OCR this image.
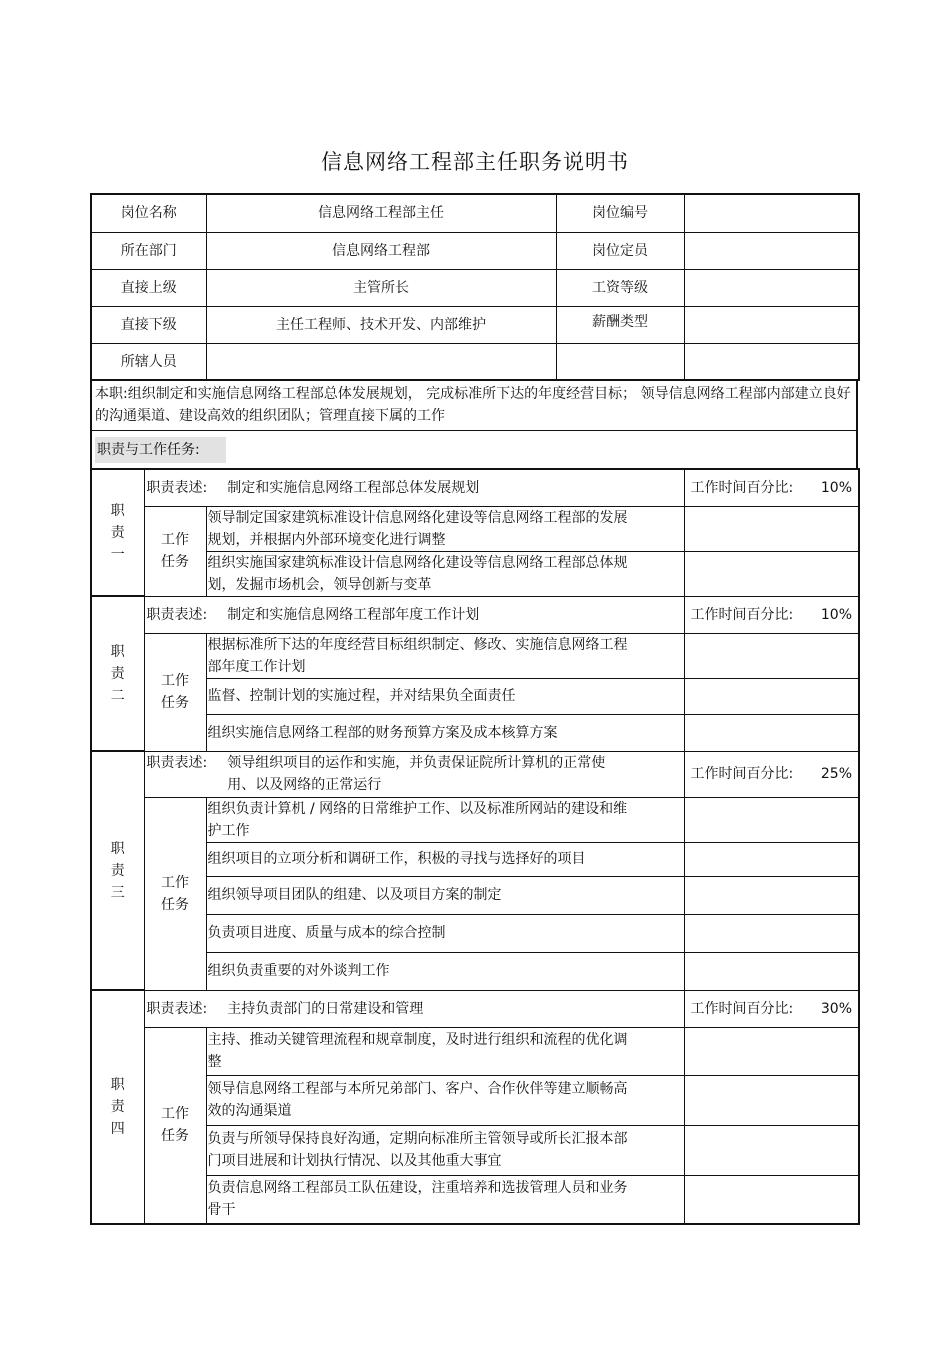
信息网络工程部主任职务说明书
岗位名称	信息网络工程部主任	岗位编号	
所在部门	信息网络工程部	岗位定员	
直接上级	主管所长	工资等级	
直接下级	主任工程师、技术开发、内部维护	薪酬类型	
所辖人员			
本职:组织制定和实施信息网络工程部总体发展规划， 完成标准所下达的年度经营目标； 领导信息网络工程部内部建立良好的沟通渠道、建设高效的组织团队；管理直接下属的工作
职责与工作任务:
职责一	职责表述: 制定和实施信息网络工程部总体发展规划		工作时间百分比: 10%

	工作任务	领导制定国家建筑标准设计信息网络化建设等信息网络工程部的发展规划，并根据内外部环境变化进行调整	

		组织实施国家建筑标准设计信息网络化建设等信息网络工程部总体规划，发掘市场机会，领导创新与变革	

职责二	职责表述: 制定和实施信息网络工程部年度工作计划		工作时间百分比: 10%

	工作任务	根据标准所下达的年度经营目标组织制定、修改、实施信息网络工程部年度工作计划	

		监督、控制计划的实施过程，并对结果负全面责任	

		组织实施信息网络工程部的财务预算方案及成本核算方案	

职责三	职责表述: 领导组织项目的运作和实施，并负责保证院所计算机的正常使用、以及网络的正常运行		工作时间百分比: 25%

	工作任务	组织负责计算机 / 网络的日常维护工作、以及标准所网站的建设和维护工作	

		组织项目的立项分析和调研工作，积极的寻找与选择好的项目	

		组织领导项目团队的组建、以及项目方案的制定	

		负责项目进度、质量与成本的综合控制	

		组织负责重要的对外谈判工作	

职责四	职责表述: 主持负责部门的日常建设和管理		工作时间百分比: 30%

	工作任务	主持、推动关键管理流程和规章制度，及时进行组织和流程的优化调整	

		领导信息网络工程部与本所兄弟部门、客户、合作伙伴等建立顺畅高效的沟通渠道	

		负责与所领导保持良好沟通，定期向标准所主管领导或所长汇报本部门项目进展和计划执行情况、以及其他重大事宜	

		负责信息网络工程部员工队伍建设，注重培养和选拔管理人员和业务骨干	
